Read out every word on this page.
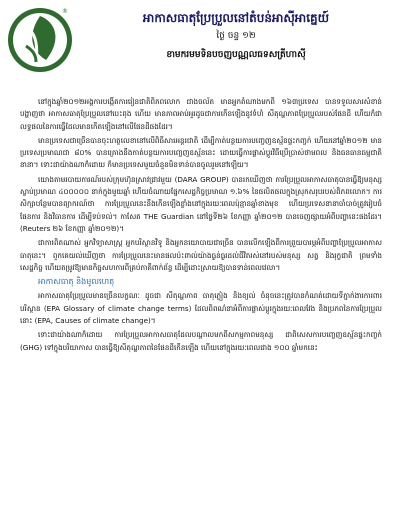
®	អាកាសធាតុប្រែប្រួលនៅតំបន់អាស៊ីអាគ្នេយ៍
ថ្ងៃ ចន្ទ ១២
ខាមករមមទិនបចញបណ្ណលធទសត្រីហាស៊ី

នៅក្នុងឆ្នាំ២០១២អង្គការបង្កើតការរៀនជាតិពិភពលោក ជាងចល័ត មានអ្នកតំណាងមកពី ១៦៣ប្រទេស បានទទួលសារសំខាន់ បង្ហាញថា អាកាសធាតុប្រែប្រួលនៅបេះពុង ហើយ មានភាពអាប់អួរដូចជាការកើនឡើងនូវទំហំ សីតុណ្ហភាពប្រែប្រួលរបស់ផែនដី ហើយក៏ជាលទ្ធផលនៃការធ្វើដែលមានកើតឡើងនៅលើផែនដីផងដែរ។

មានប្រទេសជាច្រើនបានចុះហត្ថលេខានៅលើពិធីសារអន្តរជាតិ ដើម្បីកាត់បន្ថយការបញ្ចេញឧស្ម័នផ្ទះកញ្ចក់ ហើយនៅឆ្នាំ២០១២ មានប្រទេសប្រមាណជា ៨០% បានគ្រោងនឹងកាត់បន្ថយការបញ្ចេញឧស្ម័ននេះ ដោយធ្វើការផ្លាស់ប្តូរវិធីប្រើប្រាស់ថាមពល និងធនធានធម្មជាតិនានា។ ទោះជាយ៉ាងណាក៏ដោយ ក៏មានប្រទេសមួយចំនួនមិនទាន់បានចូលរួមនៅឡើយ។

យោងតាមរបាយការណ៍របស់ក្រុមហ៊ុនស្រាវជ្រាវមួយ (DARA GROUP) បានរកឃើញថា ការប្រែប្រួលអាកាសធាតុបានធ្វើឱ្យមនុស្សស្លាប់ប្រមាណ ៤០០០០០ នាក់ក្នុងមួយឆ្នាំ ហើយចំណាយផ្នែកសេដ្ឋកិច្ចប្រមាណ ១.៦% នៃផលិតផលក្នុងស្រុកសរុបរបស់ពិភពលោក។ ការសិក្សាបន្ថែមបានព្យាករណ៍ថា ការប្រែប្រួលនេះនឹងកើនឡើងខ្លាំងនៅក្នុងរយៈពេលប៉ុន្មានឆ្នាំខាងមុខ ហើយប្រទេសនានាចាំបាច់ត្រូវរៀបចំផែនការ និងវិធានការ ដើម្បីទប់ទល់។ កាសែត THE Guardian នៅថ្ងៃទី២៦ ខែកញ្ញា ឆ្នាំ២០១២ បានចេញផ្សាយអំពីបញ្ហានេះផងដែរ។ (Reuters ២៦ ខែកញ្ញា ឆ្នាំ២០១២)។

ជាការពិតណាស់ អ្នកវិទ្យាសាស្ត្រ អ្នកបរិស្ថានវិទូ និងអ្នកនយោបាយជាច្រើន បានលើកឡើងពីការព្រួយបារម្ភអំពីបញ្ហាប្រែប្រួលអាកាសធាតុនេះ។ ពួកគេយល់ឃើញថា ការប្រែប្រួលនេះមានផលប៉ះពាល់យ៉ាងធ្ងន់ធ្ងរដល់ជីវិតរស់នៅរបស់មនុស្ស សត្វ និងរុក្ខជាតិ ព្រមទាំងសេដ្ឋកិច្ច ហើយតម្រូវឱ្យមានកិច្ចសហការពីគ្រប់ភាគីពាក់ព័ន្ធ ដើម្បីដោះស្រាយឱ្យបានទាន់ពេលវេលា។

អាកាសធាតុ និងមូលហេតុ

អាកាសធាតុប្រែប្រួលមានច្រើនលក្ខណៈ ដូចជា សីតុណ្ហភាព ធាតុភ្លៀង និងខ្យល់ ចំនុចនេះត្រូវបានកំណត់ដោយទីភ្នាក់ងារការពារបរិស្ថាន (EPA Glossary of climate change terms) ដែលពិពណ៌នាអំពីការផ្លាស់ប្តូរក្នុងរយៈពេលវែង និងប្រភពនៃការប្រែប្រួលនោះ (EPA, Causes of climate change)។

ទោះជាយ៉ាងណាក៏ដោយ ការប្រែប្រួលអាកាសធាតុដែលបណ្តាលមកពីសកម្មភាពមនុស្ស ជាពិសេសការបញ្ចេញឧស្ម័នផ្ទះកញ្ចក់ (GHG) ទៅក្នុងបរិយាកាស បានធ្វើឱ្យសីតុណ្ហភាពនៃផែនដីកើនឡើង ហើយនៅក្នុងរយៈពេលជាង ១០០ ឆ្នាំមកនេះ
